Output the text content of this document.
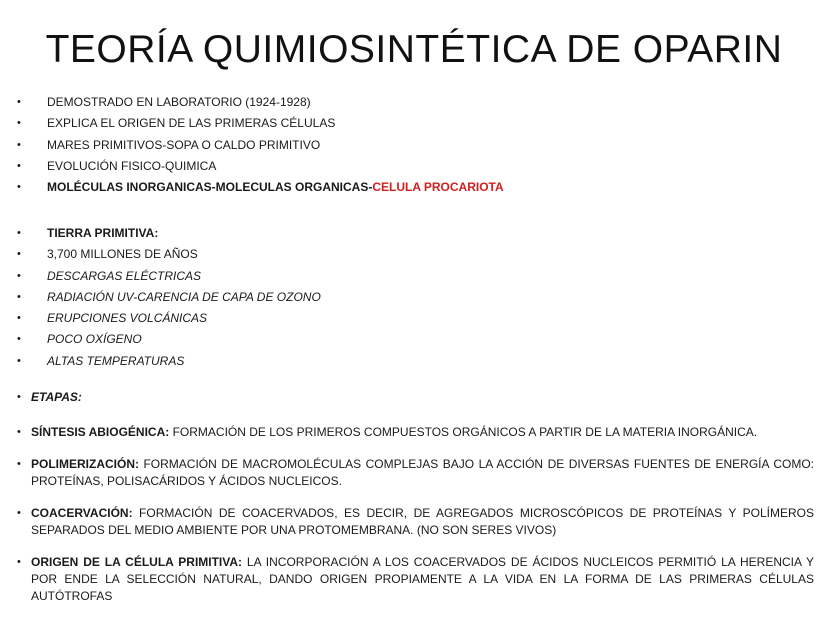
TEORÍA QUIMIOSINTÉTICA DE OPARIN
• DEMOSTRADO EN LABORATORIO (1924-1928)
• EXPLICA EL ORIGEN DE LAS PRIMERAS CÉLULAS
• MARES PRIMITIVOS-SOPA O CALDO PRIMITIVO
• EVOLUCIÓN FISICO-QUIMICA
• MOLÉCULAS INORGANICAS-MOLECULAS ORGANICAS-CELULA PROCARIOTA
• TIERRA PRIMITIVA:
• 3,700 MILLONES DE AÑOS
• DESCARGAS ELÉCTRICAS
• RADIACIÓN UV-CARENCIA DE CAPA DE OZONO
• ERUPCIONES VOLCÁNICAS
• POCO OXÍGENO
• ALTAS TEMPERATURAS
• ETAPAS:
• SÍNTESIS ABIOGÉNICA: FORMACIÓN DE LOS PRIMEROS COMPUESTOS ORGÁNICOS A PARTIR DE LA MATERIA INORGÁNICA.
• POLIMERIZACIÓN: FORMACIÓN DE MACROMOLÉCULAS COMPLEJAS BAJO LA ACCIÓN DE DIVERSAS FUENTES DE ENERGÍA COMO: PROTEÍNAS, POLISACÁRIDOS Y ÁCIDOS NUCLEICOS.
• COACERVACIÓN: FORMACIÓN DE COACERVADOS, ES DECIR, DE AGREGADOS MICROSCÓPICOS DE PROTEÍNAS Y POLÍMEROS SEPARADOS DEL MEDIO AMBIENTE POR UNA PROTOMEMBRANA. (NO SON SERES VIVOS)
• ORIGEN DE LA CÉLULA PRIMITIVA: LA INCORPORACIÓN A LOS COACERVADOS DE ÁCIDOS NUCLEICOS PERMITIÓ LA HERENCIA Y POR ENDE LA SELECCIÓN NATURAL, DANDO ORIGEN PROPIAMENTE A LA VIDA EN LA FORMA DE LAS PRIMERAS CÉLULAS AUTÓTROFAS
